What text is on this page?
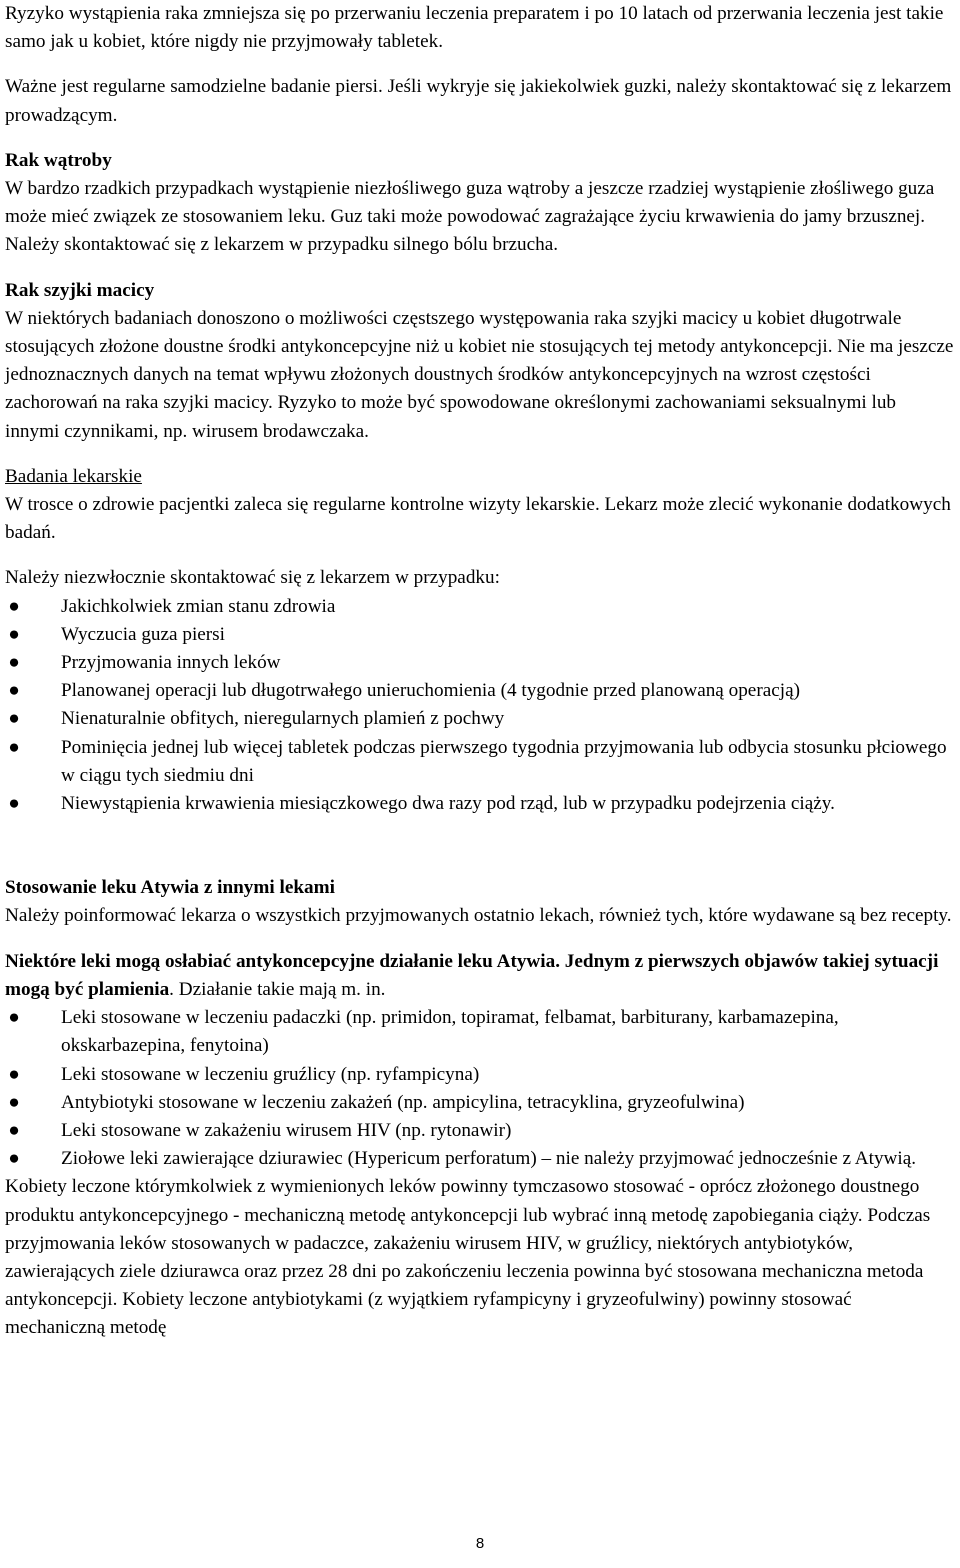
Ryzyko wystąpienia raka zmniejsza się po przerwaniu leczenia preparatem i po 10 latach od przerwania leczenia jest takie samo jak u kobiet, które nigdy nie przyjmowały tabletek.

Ważne jest regularne samodzielne badanie piersi. Jeśli wykryje się jakiekolwiek guzki, należy skontaktować się z lekarzem prowadzącym.

Rak wątroby

W bardzo rzadkich przypadkach wystąpienie niezłośliwego guza wątroby a jeszcze rzadziej wystąpienie złośliwego guza może mieć związek ze stosowaniem leku. Guz taki może powodować zagrażające życiu krwawienia do jamy brzusznej. Należy skontaktować się z lekarzem w przypadku silnego bólu brzucha.

Rak szyjki macicy

W niektórych badaniach donoszono o możliwości częstszego występowania raka szyjki macicy u kobiet długotrwale stosujących złożone doustne środki antykoncepcyjne niż u kobiet nie stosujących tej metody antykoncepcji. Nie ma jeszcze jednoznacznych danych na temat wpływu złożonych doustnych środków antykoncepcyjnych na wzrost częstości zachorowań na raka szyjki macicy. Ryzyko to może być spowodowane określonymi zachowaniami seksualnymi lub innymi czynnikami, np. wirusem brodawczaka.

Badania lekarskie

W trosce o zdrowie pacjentki zaleca się regularne kontrolne wizyty lekarskie. Lekarz może zlecić wykonanie dodatkowych badań.

Należy niezwłocznie skontaktować się z lekarzem w przypadku:

● Jakichkolwiek zmian stanu zdrowia
● Wyczucia guza piersi
● Przyjmowania innych leków
● Planowanej operacji lub długotrwałego unieruchomienia (4 tygodnie przed planowaną operacją)
● Nienaturalnie obfitych, nieregularnych plamień z pochwy
● Pominięcia jednej lub więcej tabletek podczas pierwszego tygodnia przyjmowania lub odbycia stosunku płciowego w ciągu tych siedmiu dni
● Niewystąpienia krwawienia miesiączkowego dwa razy pod rząd, lub w przypadku podejrzenia ciąży.
Stosowanie leku Atywia z innymi lekami

Należy poinformować lekarza o wszystkich przyjmowanych ostatnio lekach, również tych, które wydawane są bez recepty.

Niektóre leki mogą osłabiać antykoncepcyjne działanie leku Atywia. Jednym z pierwszych objawów takiej sytuacji mogą być plamienia. Działanie takie mają m. in.

● Leki stosowane w leczeniu padaczki (np. primidon, topiramat, felbamat, barbiturany, karbamazepina, okskarbazepina, fenytoina)
● Leki stosowane w leczeniu gruźlicy (np. ryfampicyna)
● Antybiotyki stosowane w leczeniu zakażeń (np. ampicylina, tetracyklina, gryzeofulwina)
● Leki stosowane w zakażeniu wirusem HIV (np. rytonawir)
● Ziołowe leki zawierające dziurawiec (Hypericum perforatum) – nie należy przyjmować jednocześnie z Atywią.

Kobiety leczone którymkolwiek z wymienionych leków powinny tymczasowo stosować - oprócz złożonego doustnego produktu antykoncepcyjnego - mechaniczną metodę antykoncepcji lub wybrać inną metodę zapobiegania ciąży. Podczas przyjmowania leków stosowanych w padaczce, zakażeniu wirusem HIV, w gruźlicy, niektórych antybiotyków, zawierających ziele dziurawca oraz przez 28 dni po zakończeniu leczenia powinna być stosowana mechaniczna metoda antykoncepcji. Kobiety leczone antybiotykami (z wyjątkiem ryfampicyny i gryzeofulwiny) powinny stosować mechaniczną metodę

8
